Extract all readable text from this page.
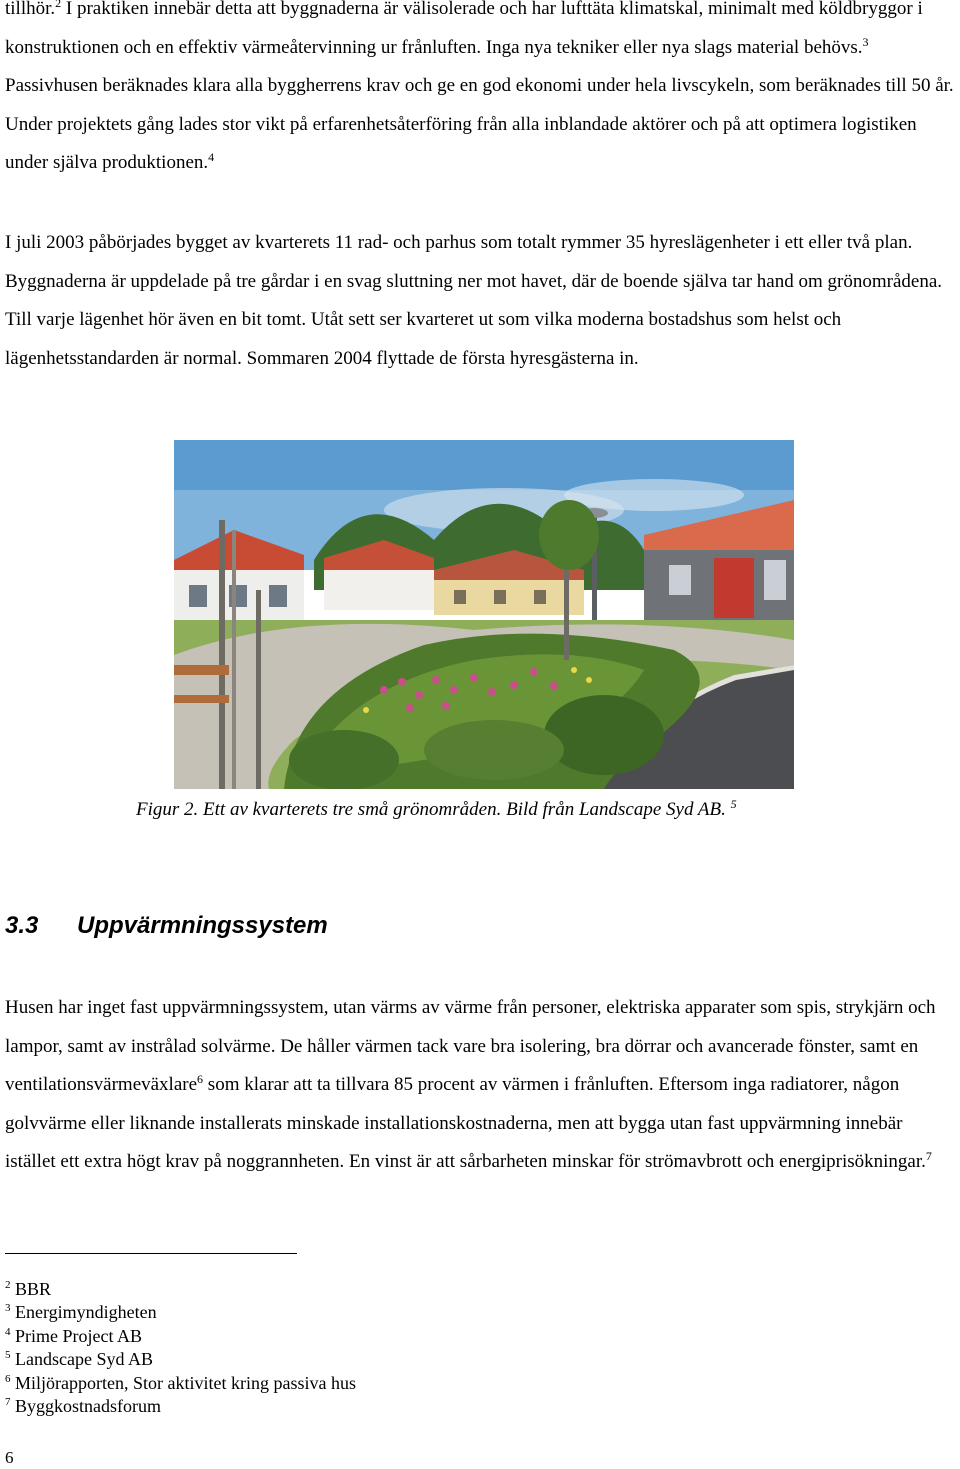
tillhör.$^2$ I praktiken innebär detta att byggnaderna är välisolerade och har lufttäta klimatskal, minimalt med köldbryggor i konstruktionen och en effektiv värmeåtervinning ur frånluften. Inga nya tekniker eller nya slags material behövs.$^3$ Passivhusen beräknades klara alla byggherrens krav och ge en god ekonomi under hela livscykeln, som beräknades till 50 år. Under projektets gång lades stor vikt på erfarenhetsåterföring från alla inblandade aktörer och på att optimera logistiken under själva produktionen.$^4$

I juli 2003 påbörjades bygget av kvarterets 11 rad- och parhus som totalt rymmer 35 hyreslägenheter i ett eller två plan. Byggnaderna är uppdelade på tre gårdar i en svag sluttning ner mot havet, där de boende själva tar hand om grönområdena. Till varje lägenhet hör även en bit tomt. Utåt sett ser kvarteret ut som vilka moderna bostadshus som helst och lägenhetsstandarden är normal. Sommaren 2004 flyttade de första hyresgästerna in.

Figur 2. Ett av kvarterets tre små grönområden. Bild från Landscape Syd AB. $^5$
3.3 Uppvärmningssystem

Husen har inget fast uppvärmningssystem, utan värms av värme från personer, elektriska apparater som spis, strykjärn och lampor, samt av instrålad solvärme. De håller värmen tack vare bra isolering, bra dörrar och avancerade fönster, samt en ventilationsvärmeväxlare$^6$ som klarar att ta tillvara 85 procent av värmen i frånluften. Eftersom inga radiatorer, någon golvvärme eller liknande installerats minskade installationskostnaderna, men att bygga utan fast uppvärmning innebär istället ett extra högt krav på noggrannheten. En vinst är att sårbarheten minskar för strömavbrott och energiprisökningar.$^7$

$^2$ BBR
$^3$ Energimyndigheten
$^4$ Prime Project AB
$^5$ Landscape Syd AB
$^6$ Miljörapporten, Stor aktivitet kring passiva hus
$^7$ Byggkostnadsforum
6
